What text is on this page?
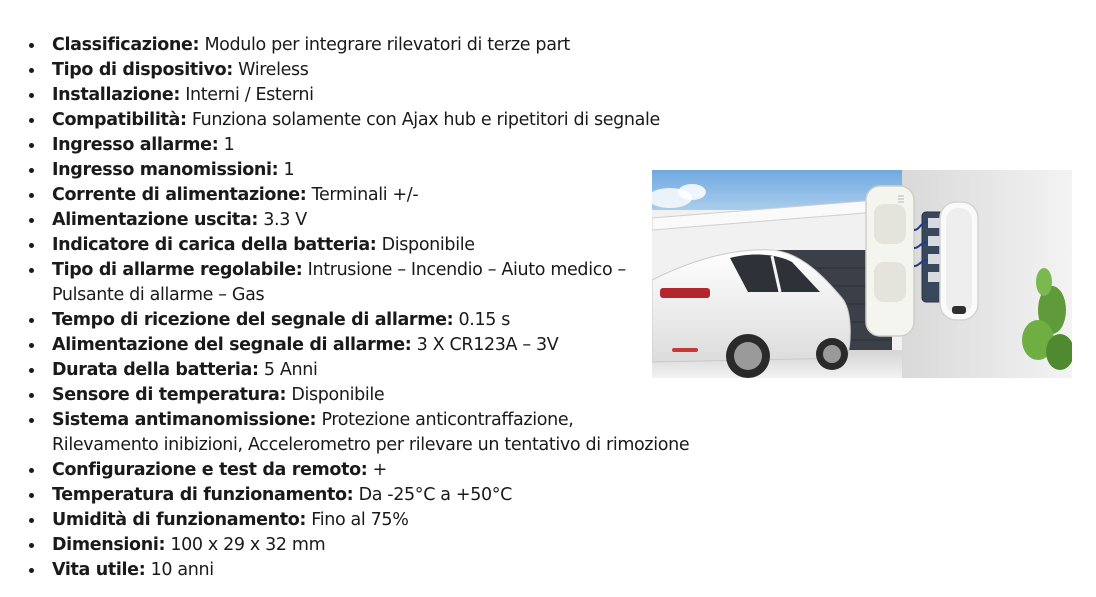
Classificazione: Modulo per integrare rilevatori di terze part
Tipo di dispositivo: Wireless
Installazione: Interni / Esterni
Compatibilità: Funziona solamente con Ajax hub e ripetitori di segnale
Ingresso allarme: 1
Ingresso manomissioni: 1
Corrente di alimentazione: Terminali +/-
Alimentazione uscita: 3.3 V
Indicatore di carica della batteria: Disponibile
Tipo di allarme regolabile: Intrusione – Incendio – Aiuto medico –
Pulsante di allarme – Gas
Tempo di ricezione del segnale di allarme: 0.15 s
Alimentazione del segnale di allarme: 3 X CR123A – 3V
Durata della batteria: 5 Anni
Sensore di temperatura: Disponibile
Sistema antimanomissione: Protezione anticontraffazione,
Rilevamento inibizioni, Accelerometro per rilevare un tentativo di rimozione
Configurazione e test da remoto: +
Temperatura di funzionamento: Da -25°C a +50°C
Umidità di funzionamento: Fino al 75%
Dimensioni: 100 x 29 x 32 mm
Vita utile: 10 anni
